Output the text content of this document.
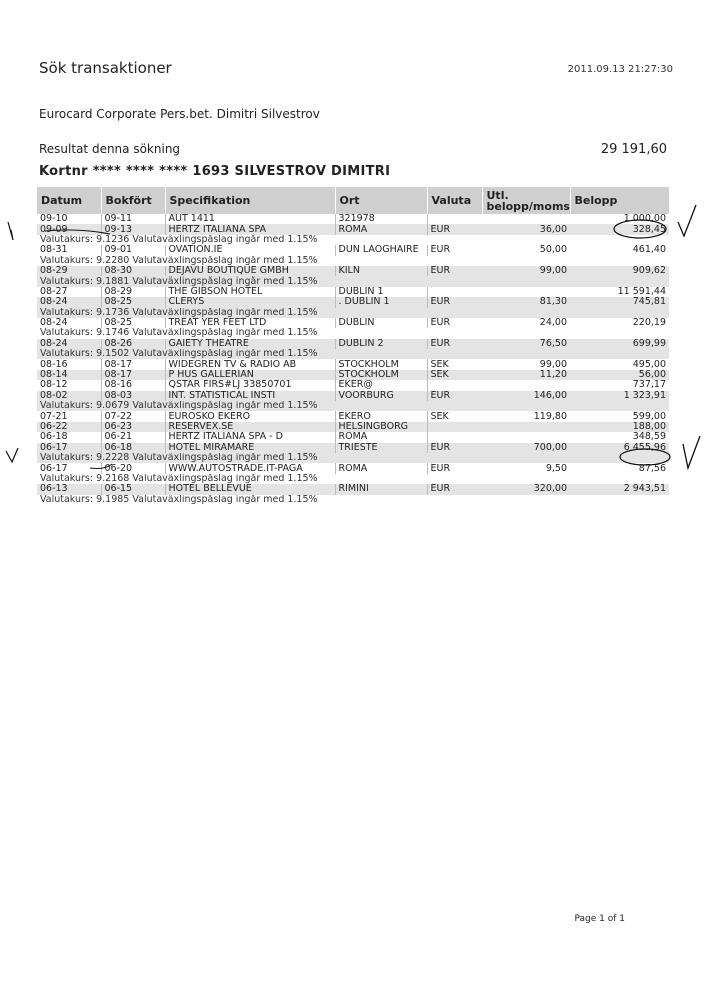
Sök transaktioner	2011.09.13 21:27:30
Eurocard Corporate Pers.bet. Dimitri Silvestrov
Resultat denna sökning	29 191,60
Kortnr **** **** **** 1693 SILVESTROV DIMITRI
Datum	Bokfört	Specifikation	Ort	Valuta	Utl. belopp/moms	Belopp
09-10	09-11	AUT 1411	321978			1 000,00
09-09	09-13	HERTZ ITALIANA SPA	ROMA	EUR	36,00	328,45
Valutakurs: 9.1236 Valutaväxlingspåslag ingår med 1.15%						
08-31	09-01	OVATION.IE	DUN LAOGHAIRE	EUR	50,00	461,40
Valutakurs: 9.2280 Valutaväxlingspåslag ingår med 1.15%						
08-29	08-30	DEJAVU BOUTIQUE GMBH	KILN	EUR	99,00	909,62
Valutakurs: 9.1881 Valutaväxlingspåslag ingår med 1.15%						
08-27	08-29	THE GIBSON HOTEL	DUBLIN 1			11 591,44
08-24	08-25	CLERYS	. DUBLIN 1	EUR	81,30	745,81
Valutakurs: 9.1736 Valutaväxlingspåslag ingår med 1.15%						
08-24	08-25	TREAT YER FEET LTD	DUBLIN	EUR	24,00	220,19
Valutakurs: 9.1746 Valutaväxlingspåslag ingår med 1.15%						
08-24	08-26	GAIETY THEATRE	DUBLIN 2	EUR	76,50	699,99
Valutakurs: 9.1502 Valutaväxlingspåslag ingår med 1.15%						
08-16	08-17	WIDEGREN TV & RADIO AB	STOCKHOLM	SEK	99,00	495,00
08-14	08-17	P HUS GALLERIAN	STOCKHOLM	SEK	11,20	56,00
08-12	08-16	QSTAR FIRS#LJ 33850701	EKER@			737,17
08-02	08-03	INT. STATISTICAL INSTI	VOORBURG	EUR	146,00	1 323,91
Valutakurs: 9.0679 Valutaväxlingspåslag ingår med 1.15%						
07-21	07-22	EUROSKO EKERO	EKERO	SEK	119,80	599,00
06-22	06-23	RESERVEX.SE	HELSINGBORG			188,00
06-18	06-21	HERTZ ITALIANA SPA - D	ROMA			348,59
06-17	06-18	HOTEL MIRAMARE	TRIESTE	EUR	700,00	6 455,96
Valutakurs: 9.2228 Valutaväxlingspåslag ingår med 1.15%						
06-17	06-20	WWW.AUTOSTRADE.IT-PAGA	ROMA	EUR	9,50	87,56
Valutakurs: 9.2168 Valutaväxlingspåslag ingår med 1.15%						
06-13	06-15	HOTEL BELLEVUE	RIMINI	EUR	320,00	2 943,51
Valutakurs: 9.1985 Valutaväxlingspåslag ingår med 1.15%						
Page 1 of 1
